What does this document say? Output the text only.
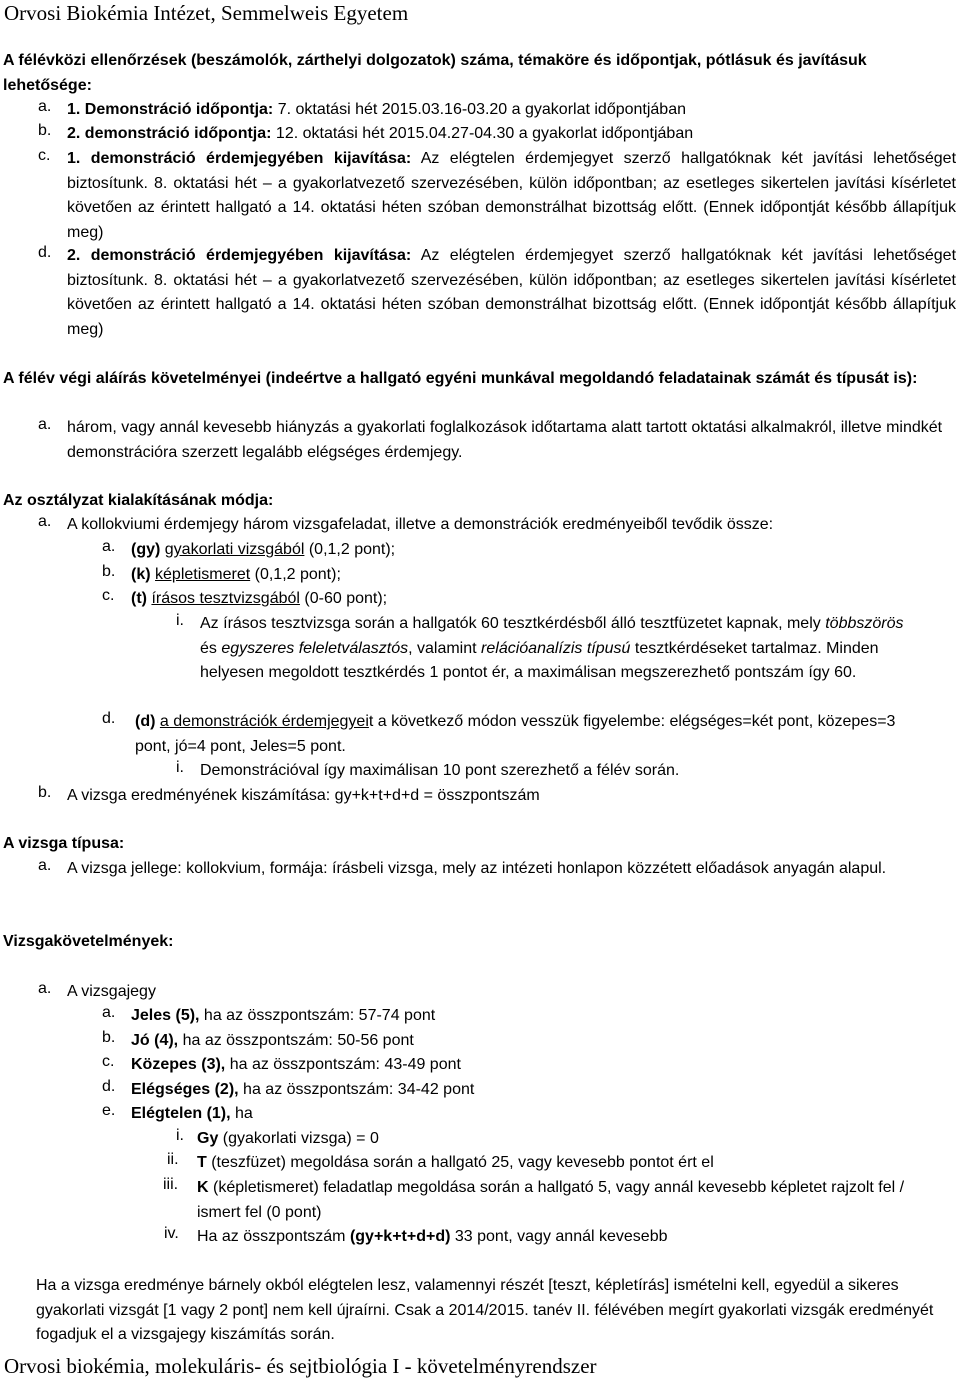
Orvosi Biokémia Intézet, Semmelweis Egyetem
A félévközi ellenőrzések (beszámolók, zárthelyi dolgozatok) száma, témaköre és időpontjak, pótlásuk és javításuk lehetősége:
a. 1. Demonstráció időpontja: 7. oktatási hét 2015.03.16-03.20 a gyakorlat időpontjában
b. 2. demonstráció időpontja: 12. oktatási hét 2015.04.27-04.30 a gyakorlat időpontjában
c. 1. demonstráció érdemjegyében kijavítása: Az elégtelen érdemjegyet szerző hallgatóknak két javítási lehetőséget biztosítunk. 8. oktatási hét – a gyakorlatvezető szervezésében, külön időpontban; az esetleges sikertelen javítási kísérletet követően az érintett hallgató a 14. oktatási héten szóban demonstrálhat bizottság előtt. (Ennek időpontját később állapítjuk meg)
d. 2. demonstráció érdemjegyében kijavítása: Az elégtelen érdemjegyet szerző hallgatóknak két javítási lehetőséget biztosítunk. 8. oktatási hét – a gyakorlatvezető szervezésében, külön időpontban; az esetleges sikertelen javítási kísérletet követően az érintett hallgató a 14. oktatási héten szóban demonstrálhat bizottság előtt. (Ennek időpontját később állapítjuk meg)
A félév végi aláírás követelményei (indeértve a hallgató egyéni munkával megoldandó feladatainak számát és típusát is):
a. három, vagy annál kevesebb hiányzás a gyakorlati foglalkozások időtartama alatt tartott oktatási alkalmakról, illetve mindkét demonstrációra szerzett legalább elégséges érdemjegy.
Az osztályzat kialakításának módja:
a. A kollokviumi érdemjegy három vizsgafeladat, illetve a demonstrációk eredményeiből tevődik össze:
a. (gy) gyakorlati vizsgából (0,1,2 pont);
b. (k) képletismeret (0,1,2 pont);
c. (t) írásos tesztvizsgából (0-60 pont);
i. Az írásos tesztvizsga során a hallgatók 60 tesztkérdésből álló tesztfüzetet kapnak, mely többszörös és egyszeres feleletválasztós, valamint relációanalízis típusú tesztkérdéseket tartalmaz. Minden helyesen megoldott tesztkérdés 1 pontot ér, a maximálisan megszerezhető pontszám így 60.
d. (d) a demonstrációk érdemjegyeit a következő módon vesszük figyelembe: elégséges=két pont, közepes=3 pont, jó=4 pont, Jeles=5 pont.
i. Demonstrációval így maximálisan 10 pont szerezhető a félév során.
b. A vizsga eredményének kiszámítása: gy+k+t+d+d = összpontszám
A vizsga típusa:
a. A vizsga jellege: kollokvium, formája: írásbeli vizsga, mely az intézeti honlapon közzétett előadások anyagán alapul.
Vizsgakövetelmények:
a. A vizsgajegy
a. Jeles (5), ha az összpontszám: 57-74 pont
b. Jó (4), ha az összpontszám: 50-56 pont
c. Közepes (3), ha az összpontszám: 43-49 pont
d. Elégséges (2), ha az összpontszám: 34-42 pont
e. Elégtelen (1), ha
i. Gy (gyakorlati vizsga) = 0
ii. T (teszfüzet) megoldása során a hallgató 25, vagy kevesebb pontot ért el
iii. K (képletismeret) feladatlap megoldása során a hallgató 5, vagy annál kevesebb képletet rajzolt fel / ismert fel (0 pont)
iv. Ha az összpontszám (gy+k+t+d+d) 33 pont, vagy annál kevesebb
Ha a vizsga eredménye bárnely okból elégtelen lesz, valamennyi részét [teszt, képletírás] ismételni kell, egyedül a sikeres gyakorlati vizsgát [1 vagy 2 pont] nem kell újraírni. Csak a 2014/2015. tanév II. félévében megírt gyakorlati vizsgák eredményét fogadjuk el a vizsgajegy kiszámítás során.
Orvosi biokémia, molekuláris- és sejtbiológia I - követelményrendszer
